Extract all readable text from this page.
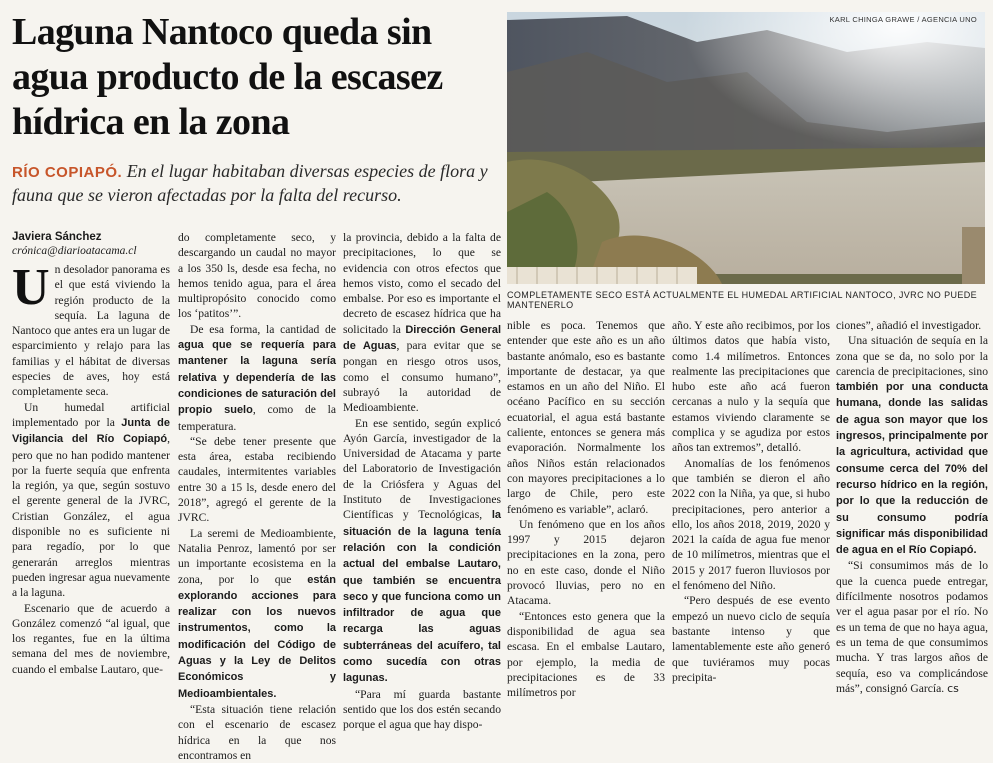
Laguna Nantoco queda sin
agua producto de la escasez
hídrica en la zona
RÍO COPIAPÓ. En el lugar habitaban diversas especies de flora y fauna que se vieron afectadas por la falta del recurso.
Javiera Sánchez
crónica@diarioatacama.cl

Un desolador panorama es el que está viviendo la región producto de la sequía. La laguna de Nantoco que antes era un lugar de esparcimiento y relajo para las familias y el hábitat de diversas especies de aves, hoy está completamente seca.

Un humedal artificial implementado por la Junta de Vigilancia del Río Copiapó, pero que no han podido mantener por la fuerte sequía que enfrenta la región, ya que, según sostuvo el gerente general de la JVRC, Cristian González, el agua disponible no es suficiente ni para regadío, por lo que generarán arreglos mientras pueden ingresar agua nuevamente a la laguna.

Escenario que de acuerdo a González comenzó “al igual, que los regantes, fue en la última semana del mes de noviembre, cuando el embalse Lautaro, que-

do completamente seco, y descargando un caudal no mayor a los 350 ls, desde esa fecha, no hemos tenido agua, para el área multipropósito conocido como los ‘patitos’”.

De esa forma, la cantidad de agua que se requería para mantener la laguna sería relativa y dependería de las condiciones de saturación del propio suelo, como de la temperatura.

“Se debe tener presente que esta área, estaba recibiendo caudales, intermitentes variables entre 30 a 15 ls, desde enero del 2018”, agregó el gerente de la JVRC.

La seremi de Medioambiente, Natalia Penroz, lamentó por ser un importante ecosistema en la zona, por lo que están explorando acciones para realizar con los nuevos instrumentos, como la modificación del Código de Aguas y la Ley de Delitos Económicos y Medioambientales.

“Esta situación tiene relación con el escenario de escasez hídrica en la que nos encontramos en

la provincia, debido a la falta de precipitaciones, lo que se evidencia con otros efectos que hemos visto, como el secado del embalse. Por eso es importante el decreto de escasez hídrica que ha solicitado la Dirección General de Aguas, para evitar que se pongan en riesgo otros usos, como el consumo humano”, subrayó la autoridad de Medioambiente.

En ese sentido, según explicó Ayón García, investigador de la Universidad de Atacama y parte del Laboratorio de Investigación de la Criósfera y Aguas del Instituto de Investigaciones Científicas y Tecnológicas, la situación de la laguna tenía relación con la condición actual del embalse Lautaro, que también se encuentra seco y que funciona como un infiltrador de agua que recarga las aguas subterráneas del acuífero, tal como sucedía con otras lagunas.

“Para mí guarda bastante sentido que los dos estén secando porque el agua que hay dispo-

KARL CHINGA GRAWE / AGENCIA UNO
COMPLETAMENTE SECO ESTÁ ACTUALMENTE EL HUMEDAL ARTIFICIAL NANTOCO, JVRC NO PUEDE MANTENERLO

nible es poca. Tenemos que entender que este año es un año bastante anómalo, eso es bastante importante de destacar, ya que estamos en un año del Niño. El océano Pacífico en su sección ecuatorial, el agua está bastante caliente, entonces se genera más evaporación. Normalmente los años Niños están relacionados con mayores precipitaciones a lo largo de Chile, pero este fenómeno es variable”, aclaró.

Un fenómeno que en los años 1997 y 2015 dejaron precipitaciones en la zona, pero no en este caso, donde el Niño provocó lluvias, pero no en Atacama.

“Entonces esto genera que la disponibilidad de agua sea escasa. En el embalse Lautaro, por ejemplo, la media de precipitaciones es de 33 milímetros por

año. Y este año recibimos, por los últimos datos que había visto, como 1.4 milímetros. Entonces realmente las precipitaciones que hubo este año acá fueron cercanas a nulo y la sequía que estamos viviendo claramente se complica y se agudiza por estos años tan extremos”, detalló.

Anomalías de los fenómenos que también se dieron el año 2022 con la Niña, ya que, si hubo precipitaciones, pero anterior a ello, los años 2018, 2019, 2020 y 2021 la caída de agua fue menor de 10 milímetros, mientras que el 2015 y 2017 fueron lluviosos por el fenómeno del Niño.

“Pero después de ese evento empezó un nuevo ciclo de sequía bastante intenso y que lamentablemente este año generó que tuviéramos muy pocas precipita-

ciones”, añadió el investigador.

Una situación de sequía en la zona que se da, no solo por la carencia de precipitaciones, sino también por una conducta humana, donde las salidas de agua son mayor que los ingresos, principalmente por la agricultura, actividad que consume cerca del 70% del recurso hídrico en la región, por lo que la reducción de su consumo podría significar más disponibilidad de agua en el Río Copiapó.

“Si consumimos más de lo que la cuenca puede entregar, difícilmente nosotros podamos ver el agua pasar por el río. No es un tema de que no haya agua, es un tema de que consumimos mucha. Y tras largos años de sequía, eso va complicándose más”, consignó García. cs
